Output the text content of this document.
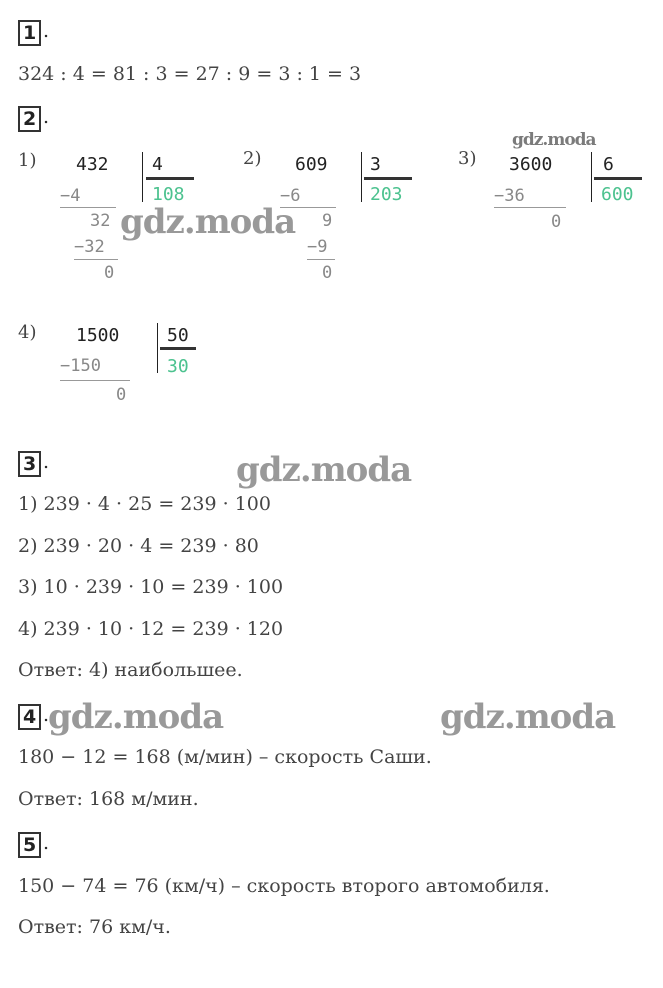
1 .
324 : 4 = 81 : 3 = 27 : 9 = 3 : 1 = 3
2 .
1) 432 4
108
−4
32
−32
0
2) 609 3
203
−6
9
−9
0
3) 3600	6
600
−36
0
4) 1500	50
30
−150
0
3 .
1) 239 · 4 · 25 = 239 · 100
2) 239 · 20 · 4 = 239 · 80
3) 10 · 239 · 10 = 239 · 100
4) 239 · 10 · 12 = 239 · 120
Ответ: 4) наибольшее.
4 .
180 − 12 = 168 (м/мин) – скорость Саши.
Ответ: 168 м/мин.
5 .
150 − 74 = 76 (км/ч) – скорость второго автомобиля.
Ответ: 76 км/ч.
gdz.moda
gdz.moda
gdz.moda
gdz.moda	gdz.moda
